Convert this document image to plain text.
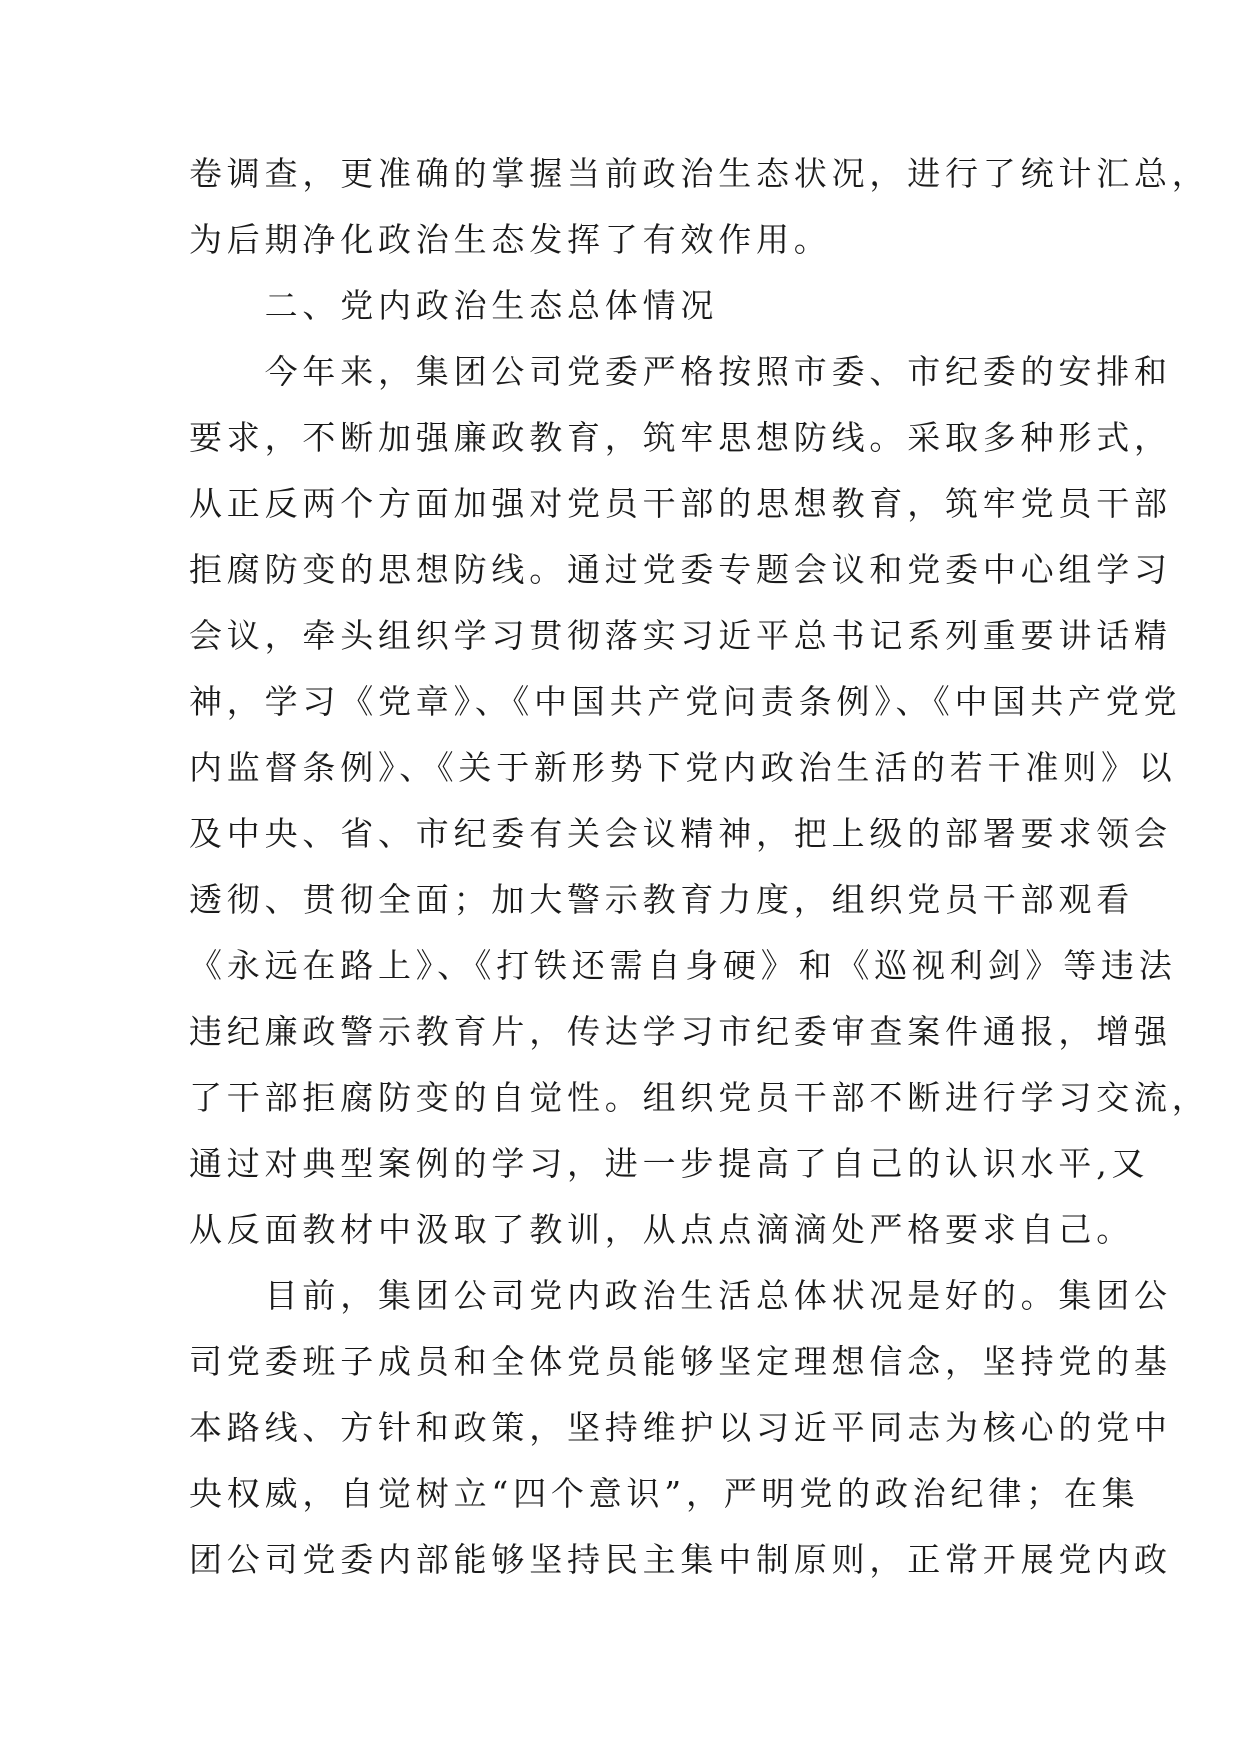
卷调查，更准确的掌握当前政治生态状况，进行了统计汇总，
为后期净化政治生态发挥了有效作用。
　　二、党内政治生态总体情况
　　今年来，集团公司党委严格按照市委、市纪委的安排和
要求，不断加强廉政教育，筑牢思想防线。采取多种形式，
从正反两个方面加强对党员干部的思想教育，筑牢党员干部
拒腐防变的思想防线。通过党委专题会议和党委中心组学习
会议，牵头组织学习贯彻落实习近平总书记系列重要讲话精
神，学习《党章》、《中国共产党问责条例》、《中国共产党党
内监督条例》、《关于新形势下党内政治生活的若干准则》以
及中央、省、市纪委有关会议精神，把上级的部署要求领会
透彻、贯彻全面；加大警示教育力度，组织党员干部观看
《永远在路上》、《打铁还需自身硬》和《巡视利剑》等违法
违纪廉政警示教育片，传达学习市纪委审查案件通报，增强
了干部拒腐防变的自觉性。组织党员干部不断进行学习交流，
通过对典型案例的学习，进一步提高了自己的认识水平,又
从反面教材中汲取了教训，从点点滴滴处严格要求自己。
　　目前，集团公司党内政治生活总体状况是好的。集团公
司党委班子成员和全体党员能够坚定理想信念，坚持党的基
本路线、方针和政策，坚持维护以习近平同志为核心的党中
央权威，自觉树立“四个意识”，严明党的政治纪律；在集
团公司党委内部能够坚持民主集中制原则，正常开展党内政
